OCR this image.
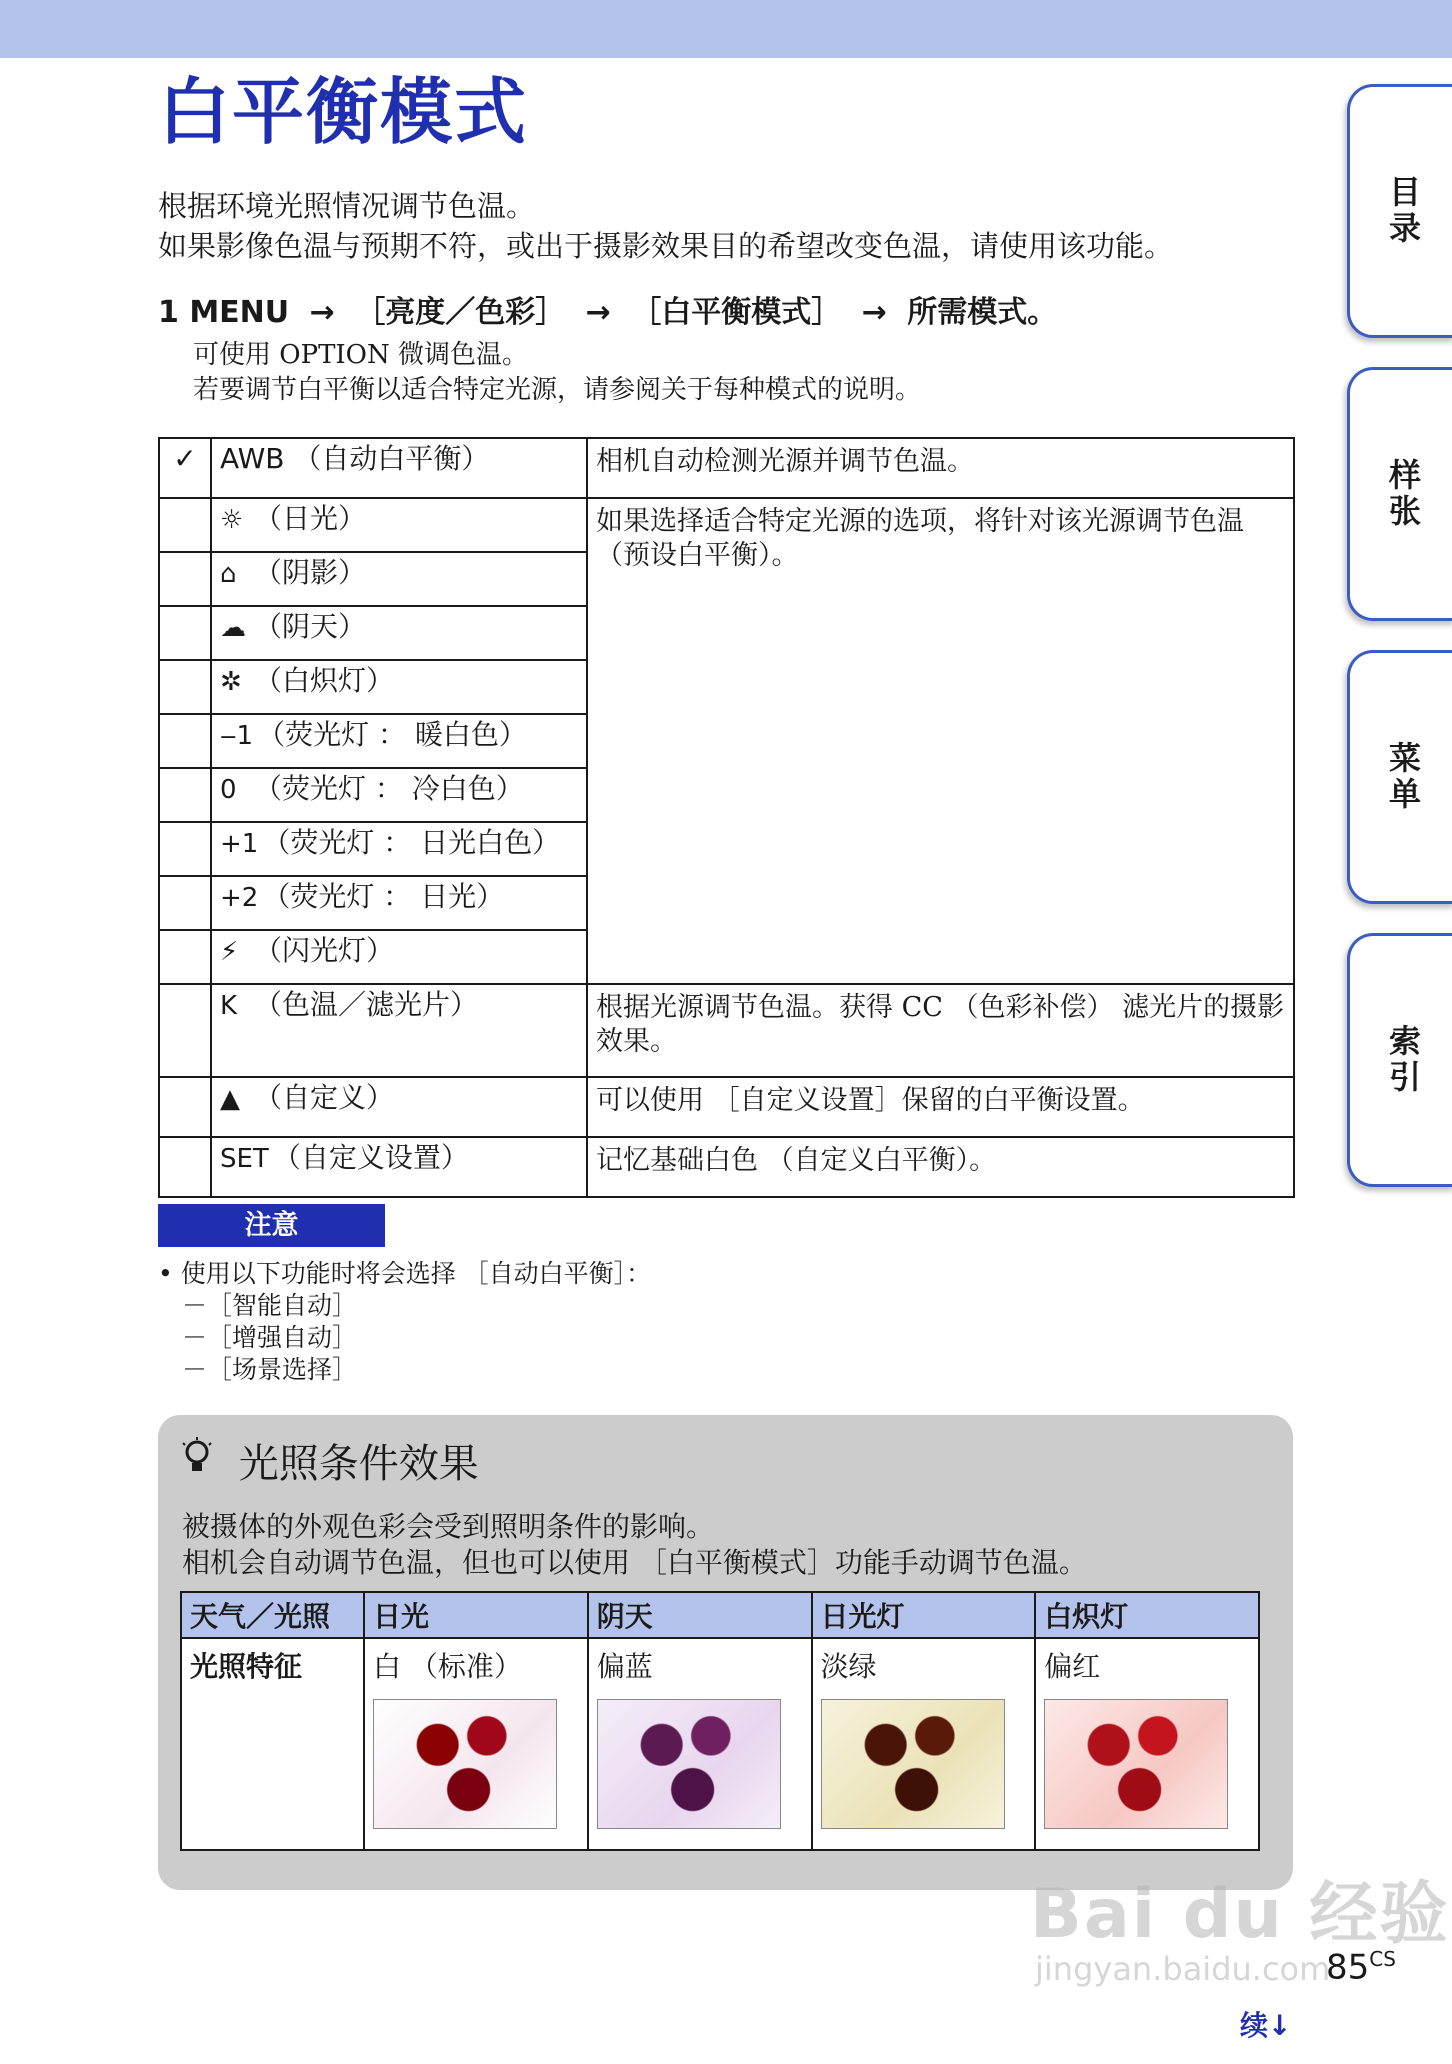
白平衡模式
根据环境光照情况调节色温。
如果影像色温与预期不符，或出于摄影效果目的希望改变色温，请使用该功能。
1 MENU → ［亮度／色彩］ → ［白平衡模式］ → 所需模式。
可使用 OPTION 微调色温。
若要调节白平衡以适合特定光源，请参阅关于每种模式的说明。
✓	AWB （自动白平衡）	相机自动检测光源并调节色温。
	☼ （日光）	如果选择适合特定光源的选项，将针对该光源调节色温 （预设白平衡）。
	⌂ （阴影）	
	☁ （阴天）	
	✲ （白炽灯）	
	‒1 （荧光灯 ： 暖白色）	
	0 （荧光灯 ： 冷白色）	
	+1 （荧光灯 ： 日光白色）	
	+2 （荧光灯 ： 日光）	
	⚡ （闪光灯）	
	K （色温／滤光片）	根据光源调节色温。获得 CC （色彩补偿） 滤光片的摄影效果。
	▲ （自定义）	可以使用 ［自定义设置］保留的白平衡设置。
	SET （自定义设置）	记忆基础白色 （自定义白平衡）。
注意
• 使用以下功能时将会选择 ［自动白平衡］：
－［智能自动］
－［增强自动］
－［场景选择］
光照条件效果
被摄体的外观色彩会受到照明条件的影响。
相机会自动调节色温，但也可以使用 ［白平衡模式］功能手动调节色温。
天气／光照	日光	阴天	日光灯	白炽灯

光照特征	白 （标准）	偏蓝	淡绿	偏红
目录
样张
菜单
索引
Bai du 经验
jingyan.baidu.com
$85^{CS}$
续↓
